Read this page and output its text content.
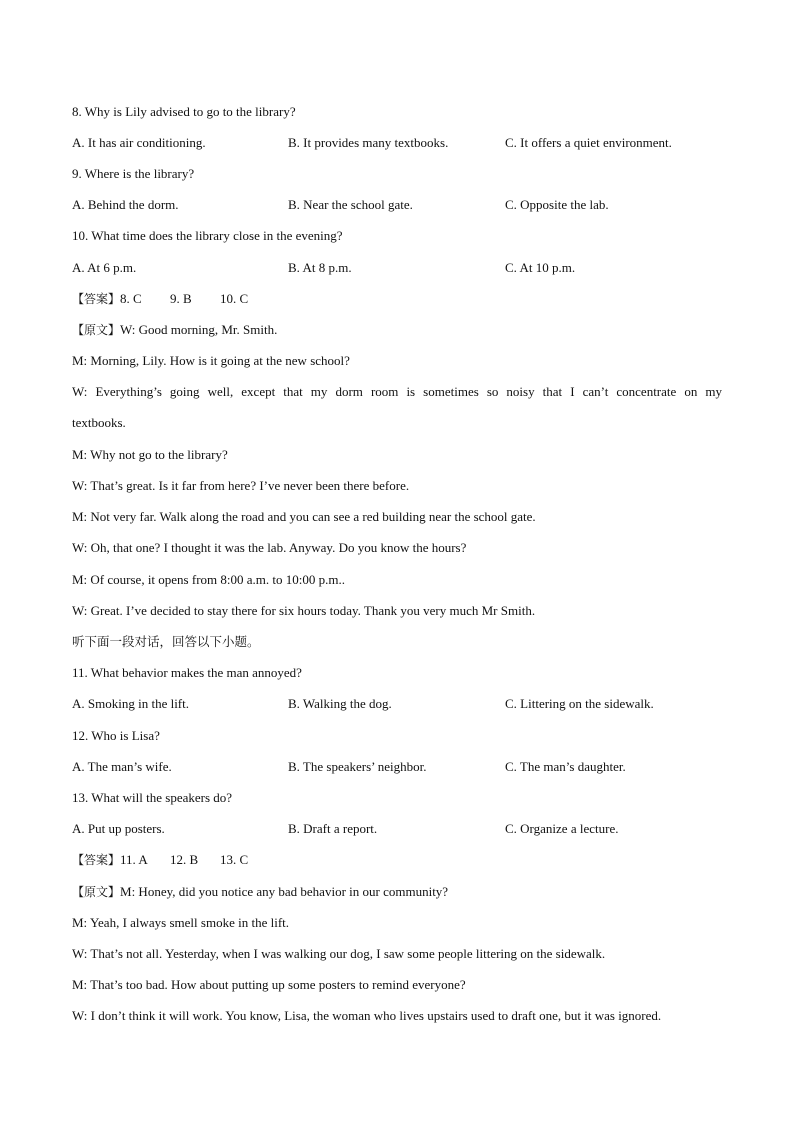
8. Why is Lily advised to go to the library?
A. It has air conditioning.	B. It provides many textbooks.	C. It offers a quiet environment.
9. Where is the library?
A. Behind the dorm.	B. Near the school gate.	C. Opposite the lab.
10. What time does the library close in the evening?
A. At 6 p.m.	B. At 8 p.m.	C. At 10 p.m.
【答案】8. C 9. B 10. C
【原文】W: Good morning, Mr. Smith.
M: Morning, Lily. How is it going at the new school?
W: Everything’s going well, except that my dorm room is sometimes so noisy that I can’t concentrate on my
textbooks.
M: Why not go to the library?
W: That’s great. Is it far from here? I’ve never been there before.
M: Not very far. Walk along the road and you can see a red building near the school gate.
W: Oh, that one? I thought it was the lab. Anyway. Do you know the hours?
M: Of course, it opens from 8:00 a.m. to 10:00 p.m..
W: Great. I’ve decided to stay there for six hours today. Thank you very much Mr Smith.
听下面一段对话，回答以下小题。
11. What behavior makes the man annoyed?
A. Smoking in the lift.	B. Walking the dog.	C. Littering on the sidewalk.
12. Who is Lisa?
A. The man’s wife.	B. The speakers’ neighbor.	C. The man’s daughter.
13. What will the speakers do?
A. Put up posters.	B. Draft a report.	C. Organize a lecture.
【答案】11. A 12. B 13. C
【原文】M: Honey, did you notice any bad behavior in our community?
M: Yeah, I always smell smoke in the lift.
W: That’s not all. Yesterday, when I was walking our dog, I saw some people littering on the sidewalk.
M: That’s too bad. How about putting up some posters to remind everyone?
W: I don’t think it will work. You know, Lisa, the woman who lives upstairs used to draft one, but it was ignored.
